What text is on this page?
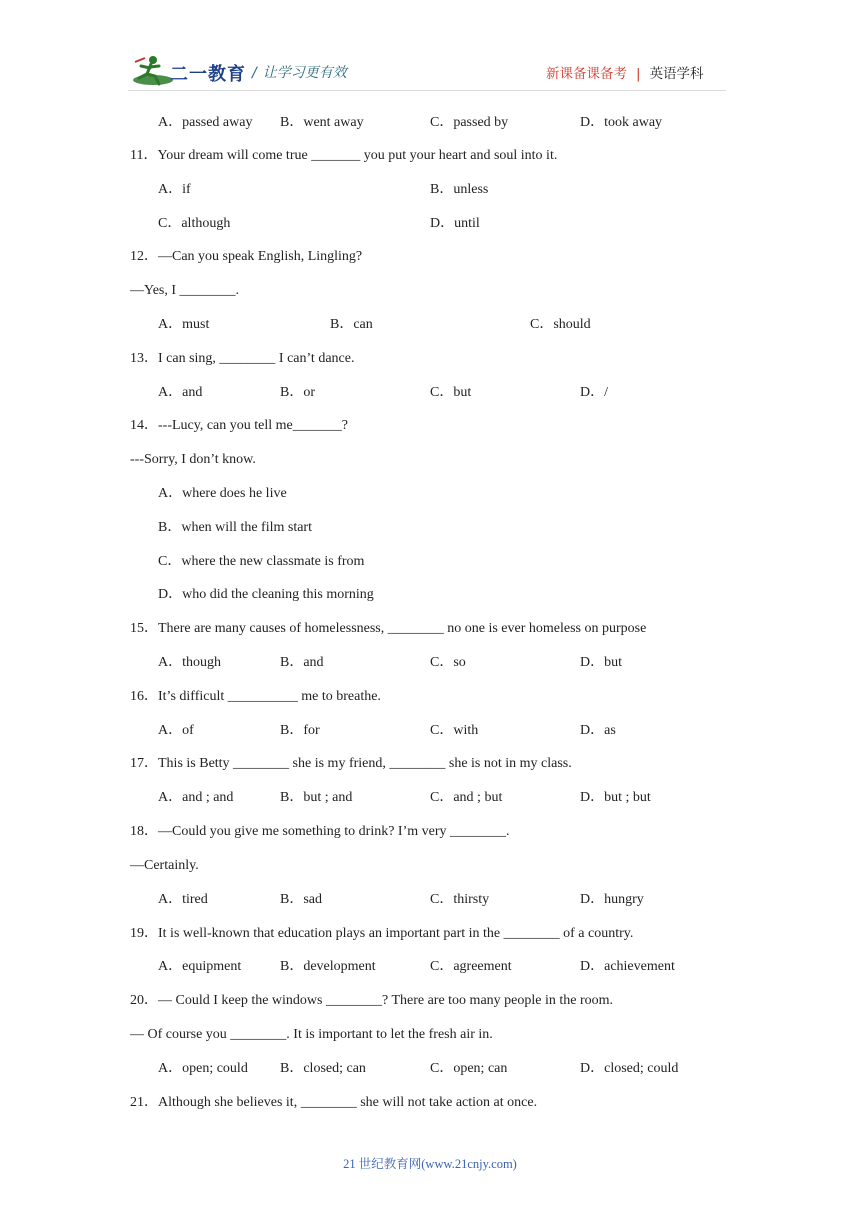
二一教育 / 让学习更有效	新课备课备考 | 英语学科
A．passed away B．went away	C．passed by	D．took away
11．Your dream will come true _______ you put your heart and soul into it.
A．if	B．unless
C．although	D．until
12．—Can you speak English, Lingling?
—Yes, I ________.
A．must	B．can	C．should
13．I can sing, ________ I can’t dance.
A．and	B．or	C．but	D．/
14．---Lucy, can you tell me_______?
---Sorry, I don’t know.
A．where does he live
B．when will the film start
C．where the new classmate is from
D．who did the cleaning this morning
15．There are many causes of homelessness, ________ no one is ever homeless on purpose
A．though	B．and	C．so	D．but
16．It’s difficult __________ me to breathe.
A．of	B．for	C．with	D．as
17．This is Betty ________ she is my friend, ________ she is not in my class.
A．and ; and	B．but ; and	C．and ; but	D．but ; but
18．—Could you give me something to drink? I’m very ________.
—Certainly.
A．tired	B．sad	C．thirsty	D．hungry
19．It is well-known that education plays an important part in the ________ of a country.
A．equipment	B．development	C．agreement	D．achievement
20．— Could I keep the windows ________? There are too many people in the room.
— Of course you ________. It is important to let the fresh air in.
A．open; could B．closed; can	C．open; can	D．closed; could
21．Although she believes it, ________ she will not take action at once.
21 世纪教育网(www.21cnjy.com)
